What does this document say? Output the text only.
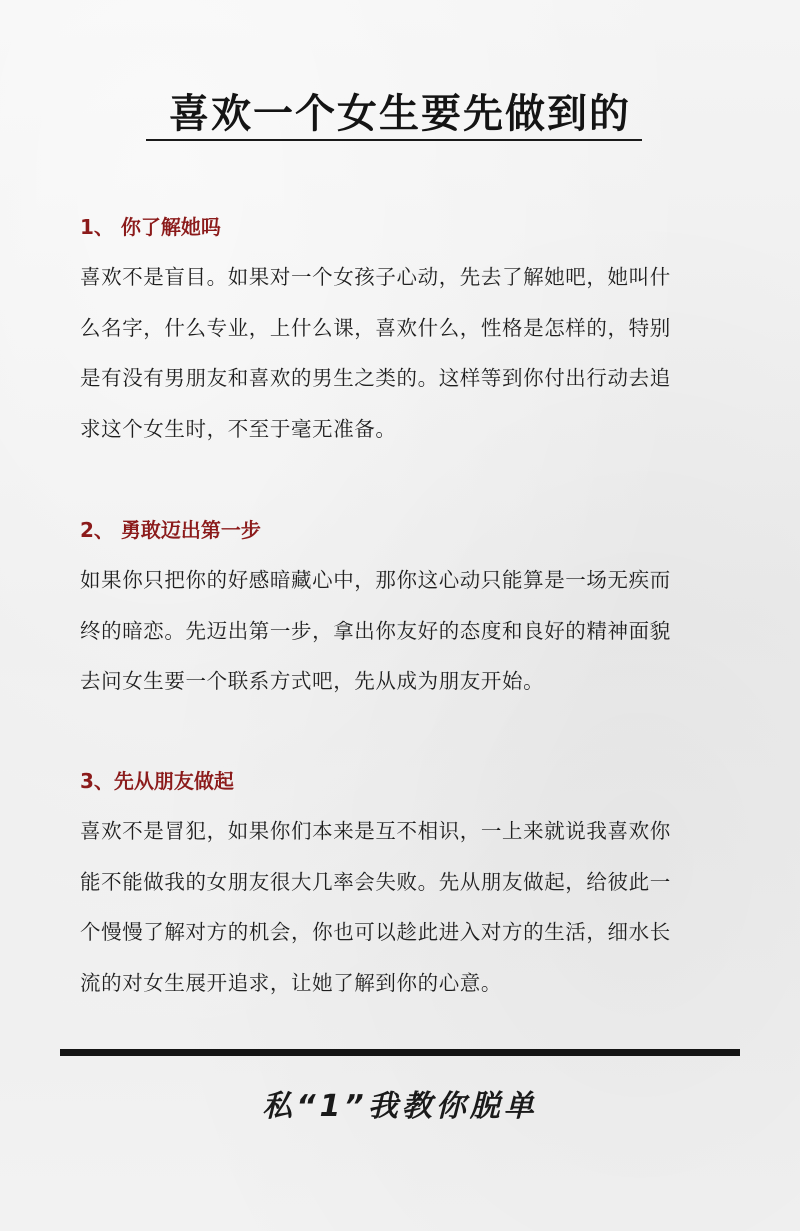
喜欢一个女生要先做到的
1、 你了解她吗
喜欢不是盲目。如果对一个女孩子心动，先去了解她吧，她叫什
么名字，什么专业，上什么课，喜欢什么，性格是怎样的，特别
是有没有男朋友和喜欢的男生之类的。这样等到你付出行动去追
求这个女生时，不至于毫无准备。
2、 勇敢迈出第一步
如果你只把你的好感暗藏心中，那你这心动只能算是一场无疾而
终的暗恋。先迈出第一步，拿出你友好的态度和良好的精神面貌
去问女生要一个联系方式吧，先从成为朋友开始。
3、先从朋友做起
喜欢不是冒犯，如果你们本来是互不相识，一上来就说我喜欢你
能不能做我的女朋友很大几率会失败。先从朋友做起，给彼此一
个慢慢了解对方的机会，你也可以趁此进入对方的生活，细水长
流的对女生展开追求，让她了解到你的心意。
私“1”我教你脱单
